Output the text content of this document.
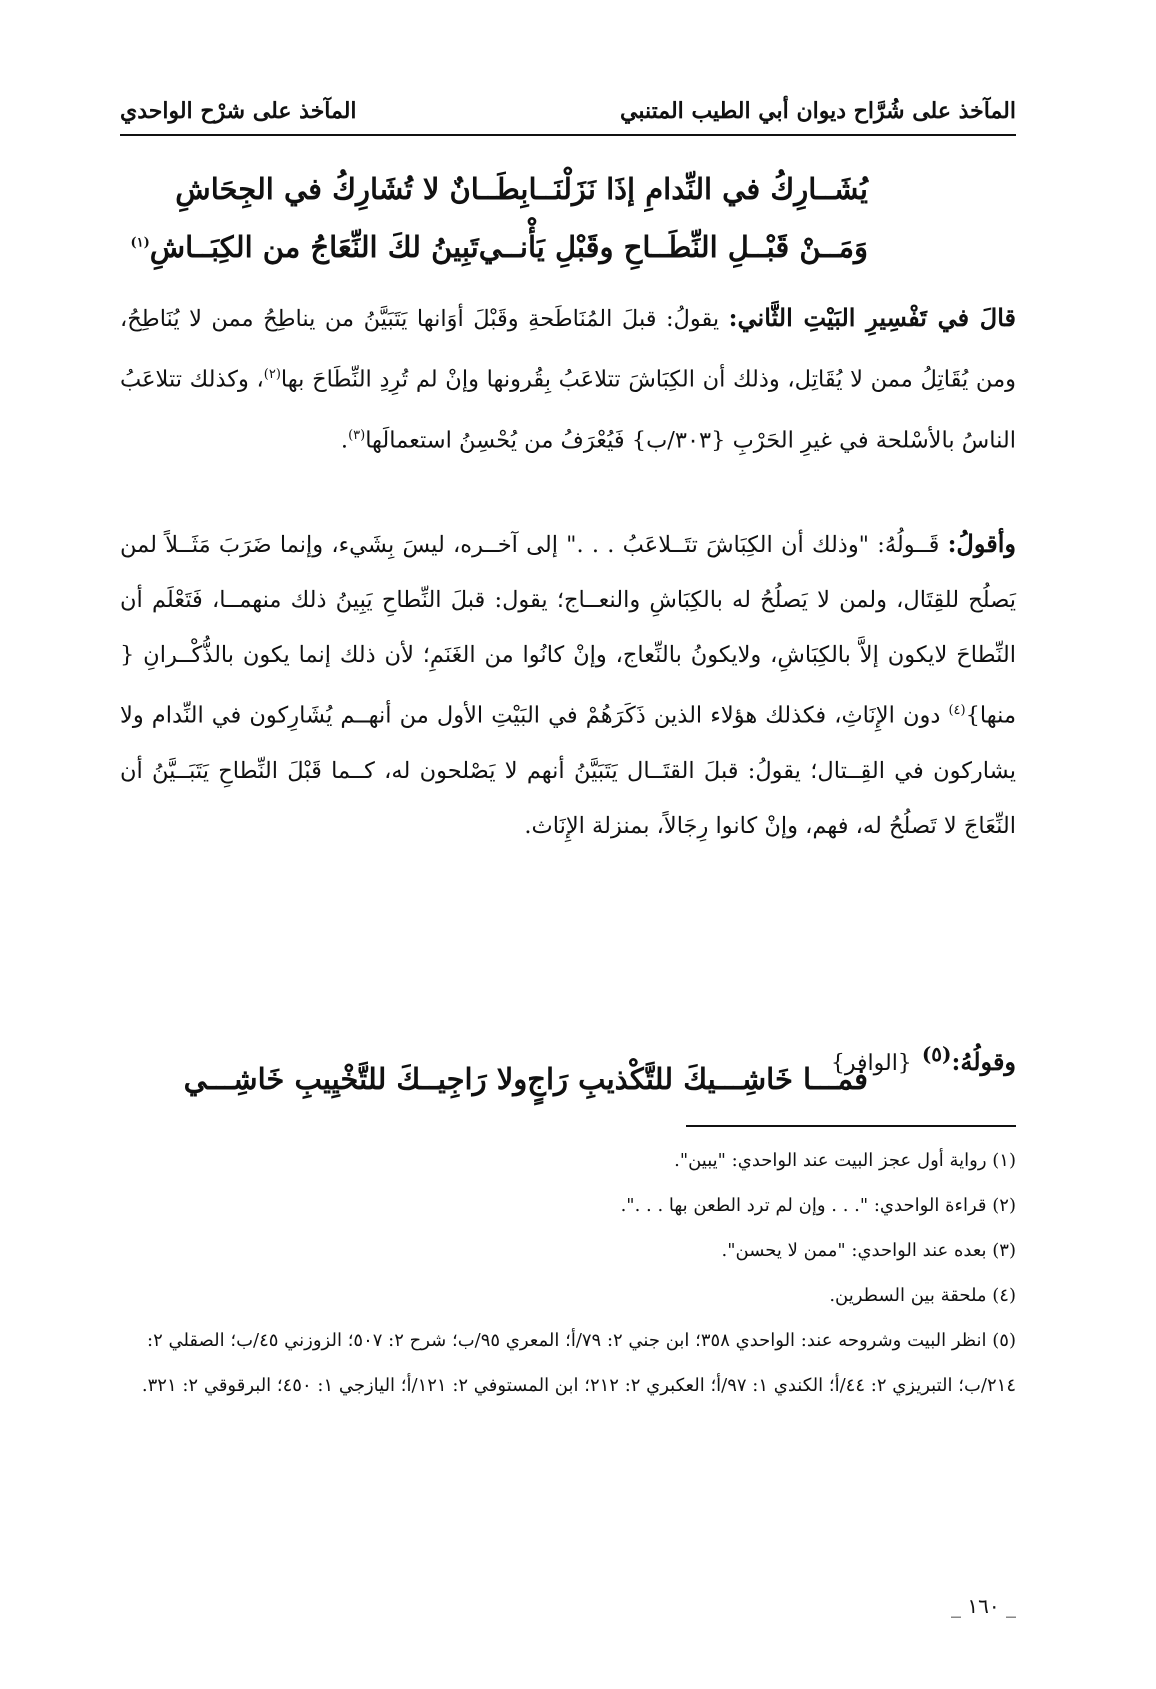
المآخذ على شُرَّاح ديوان أبي الطيب المتنبي
المآخذ على شرْح الواحدي
يُشَــارِكُ في النِّدامِ إذَا نَزَلْنَــا
بِطَــانٌ لا تُشَارِكُ في الجِحَاشِ
وَمَــنْ قَبْــلِ النِّطَــاحِ وقَبْلِ يَأْنــي
تَبِينُ لكَ النِّعَاجُ من الكِبَــاشِ$^{(١)}$
قالَ في تَفْسِيرِ البَيْتِ الثَّاني: يقولُ: قبلَ المُنَاطَحةِ وقَبْلَ أوَانها يَتَبَيَّنُ من يناطِحُ ممن لا يُنَاطِحُ، ومن يُقَاتِلُ ممن لا يُقَاتِل، وذلك أن الكِبَاشَ تتلاعَبُ بِقُرونها وإنْ لم تُرِدِ النِّطَاحَ بها$^{(٢)}$، وكذلك تتلاعَبُ الناسُ بالأسْلحة في غيرِ الحَرْبِ {٣٠٣/ب} فَيُعْرَفُ من يُحْسِنُ استعمالَها$^{(٣)}$.
وأقولُ: قَــولُهُ: "وذلك أن الكِبَاشَ تتَــلاعَبُ . . ." إلى آخــره، ليسَ بِشَيء، وإنما ضَرَبَ مَثَــلاً لمن يَصلُح للقِتَال، ولمن لا يَصلُحُ له بالكِبَاشِ والنعــاج؛ يقول: قبلَ النِّطاحِ يَبِينُ ذلك منهمــا، فَتَعْلَم أن النِّطاحَ لايكون إلاَّ بالكِبَاشِ، ولايكونُ بالنِّعاج، وإنْ كانُوا من الغَنَمِ؛ لأن ذلك إنما يكون بالذُّكْــرانِ { منها}$^{(٤)}$ دون الإِنَاثِ، فكذلك هؤلاء الذين ذَكَرَهُمْ في البَيْتِ الأول من أنهــم يُشَارِكون في النِّدام ولا يشاركون في القِــتال؛ يقولُ: قبلَ القتَــال يَتَبَيَّنُ أنهم لا يَصْلحون له، كــما قَبْلَ النِّطاحِ يَتَبَــيَّنُ أن النِّعَاجَ لا تَصلُحُ له، فهم، وإنْ كانوا رِجَالاً، بمنزلة الإِنَاث.
وقولُهُ:$^{(٥)}${الوافر}
فمـــا خَاشِـــيكَ للتَّكْذيبِ رَاجٍ
ولا رَاجِيــكَ للتَّخْيِيبِ خَاشِـــي
(١) رواية أول عجز البيت عند الواحدي: "يبين".
(٢) قراءة الواحدي: ". . . وإن لم ترد الطعن بها . . .".
(٣) بعده عند الواحدي: "ممن لا يحسن".
(٤) ملحقة بين السطرين.
(٥) انظر البيت وشروحه عند: الواحدي ٣٥٨؛ ابن جني ٢: ٧٩/أ؛ المعري ٩٥/ب؛ شرح ٢: ٥٠٧؛ الزوزني ٤٥/ب؛ الصقلي ٢: ٢١٤/ب؛ التبريزي ٢: ٤٤/أ؛ الكندي ١: ٩٧/أ؛ العكبري ٢: ٢١٢؛ ابن المستوفي ٢: ١٢١/أ؛ اليازجي ١: ٤٥٠؛ البرقوقي ٢: ٣٢١.
_ ١٦٠ _
